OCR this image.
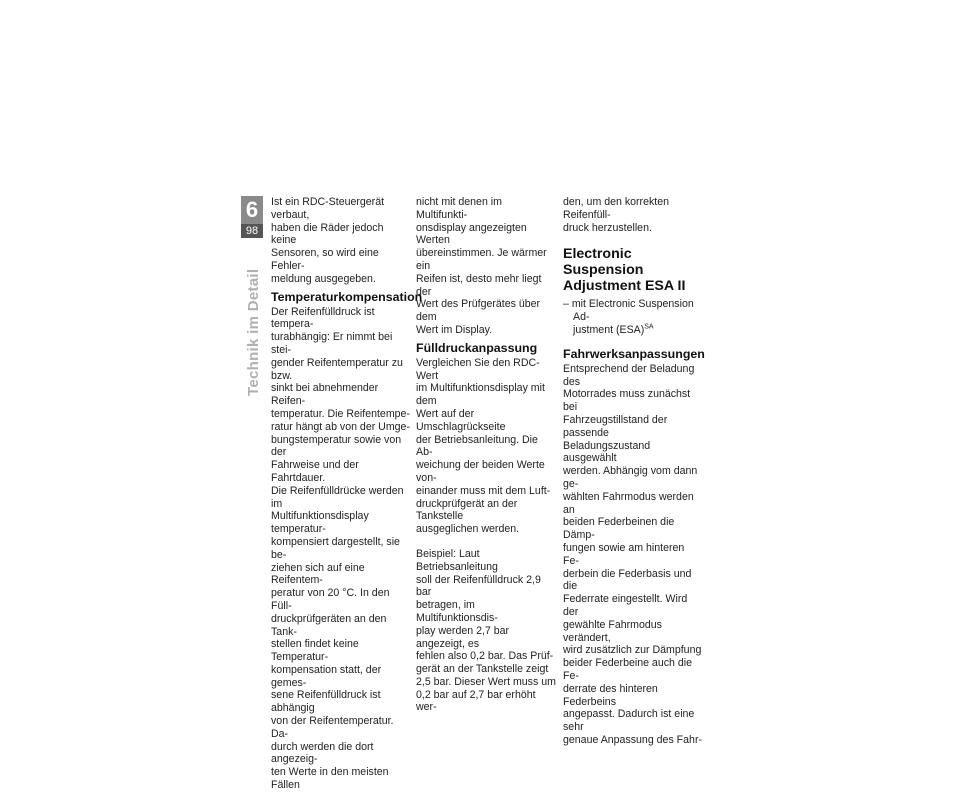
6
98
Technik im Detail

Ist ein RDC-Steuergerät verbaut,
haben die Räder jedoch keine
Sensoren, so wird eine Fehler-
meldung ausgegeben.

Temperaturkompensation

Der Reifenfülldruck ist tempera-
turabhängig: Er nimmt bei stei-
gender Reifentemperatur zu bzw.
sinkt bei abnehmender Reifen-
temperatur. Die Reifentempe-
ratur hängt ab von der Umge-
bungstemperatur sowie von der
Fahrweise und der Fahrtdauer.
Die Reifenfülldrücke werden im
Multifunktionsdisplay temperatur-
kompensiert dargestellt, sie be-
ziehen sich auf eine Reifentem-
peratur von 20 °C. In den Füll-
druckprüfgeräten an den Tank-
stellen findet keine Temperatur-
kompensation statt, der gemes-
sene Reifenfülldruck ist abhängig
von der Reifentemperatur. Da-
durch werden die dort angezeig-
ten Werte in den meisten Fällen

nicht mit denen im Multifunkti-
onsdisplay angezeigten Werten
übereinstimmen. Je wärmer ein
Reifen ist, desto mehr liegt der
Wert des Prüfgerätes über dem
Wert im Display.

Fülldruckanpassung

Vergleichen Sie den RDC-Wert
im Multifunktionsdisplay mit dem
Wert auf der Umschlagrückseite
der Betriebsanleitung. Die Ab-
weichung der beiden Werte von-
einander muss mit dem Luft-
druckprüfgerät an der Tankstelle
ausgeglichen werden.

Beispiel: Laut Betriebsanleitung
soll der Reifenfülldruck 2,9 bar
betragen, im Multifunktionsdis-
play werden 2,7 bar angezeigt, es
fehlen also 0,2 bar. Das Prüf-
gerät an der Tankstelle zeigt
2,5 bar. Dieser Wert muss um
0,2 bar auf 2,7 bar erhöht wer-

den, um den korrekten Reifenfüll-
druck herzustellen.

Electronic Suspension
Adjustment ESA II

– mit Electronic Suspension Ad-
justment (ESA)$^{SA}$

Fahrwerksanpassungen

Entsprechend der Beladung des
Motorrades muss zunächst bei
Fahrzeugstillstand der passende
Beladungszustand ausgewählt
werden. Abhängig vom dann ge-
wählten Fahrmodus werden an
beiden Federbeinen die Dämp-
fungen sowie am hinteren Fe-
derbein die Federbasis und die
Federrate eingestellt. Wird der
gewählte Fahrmodus verändert,
wird zusätzlich zur Dämpfung
beider Federbeine auch die Fe-
derrate des hinteren Federbeins
angepasst. Dadurch ist eine sehr
genaue Anpassung des Fahr-
